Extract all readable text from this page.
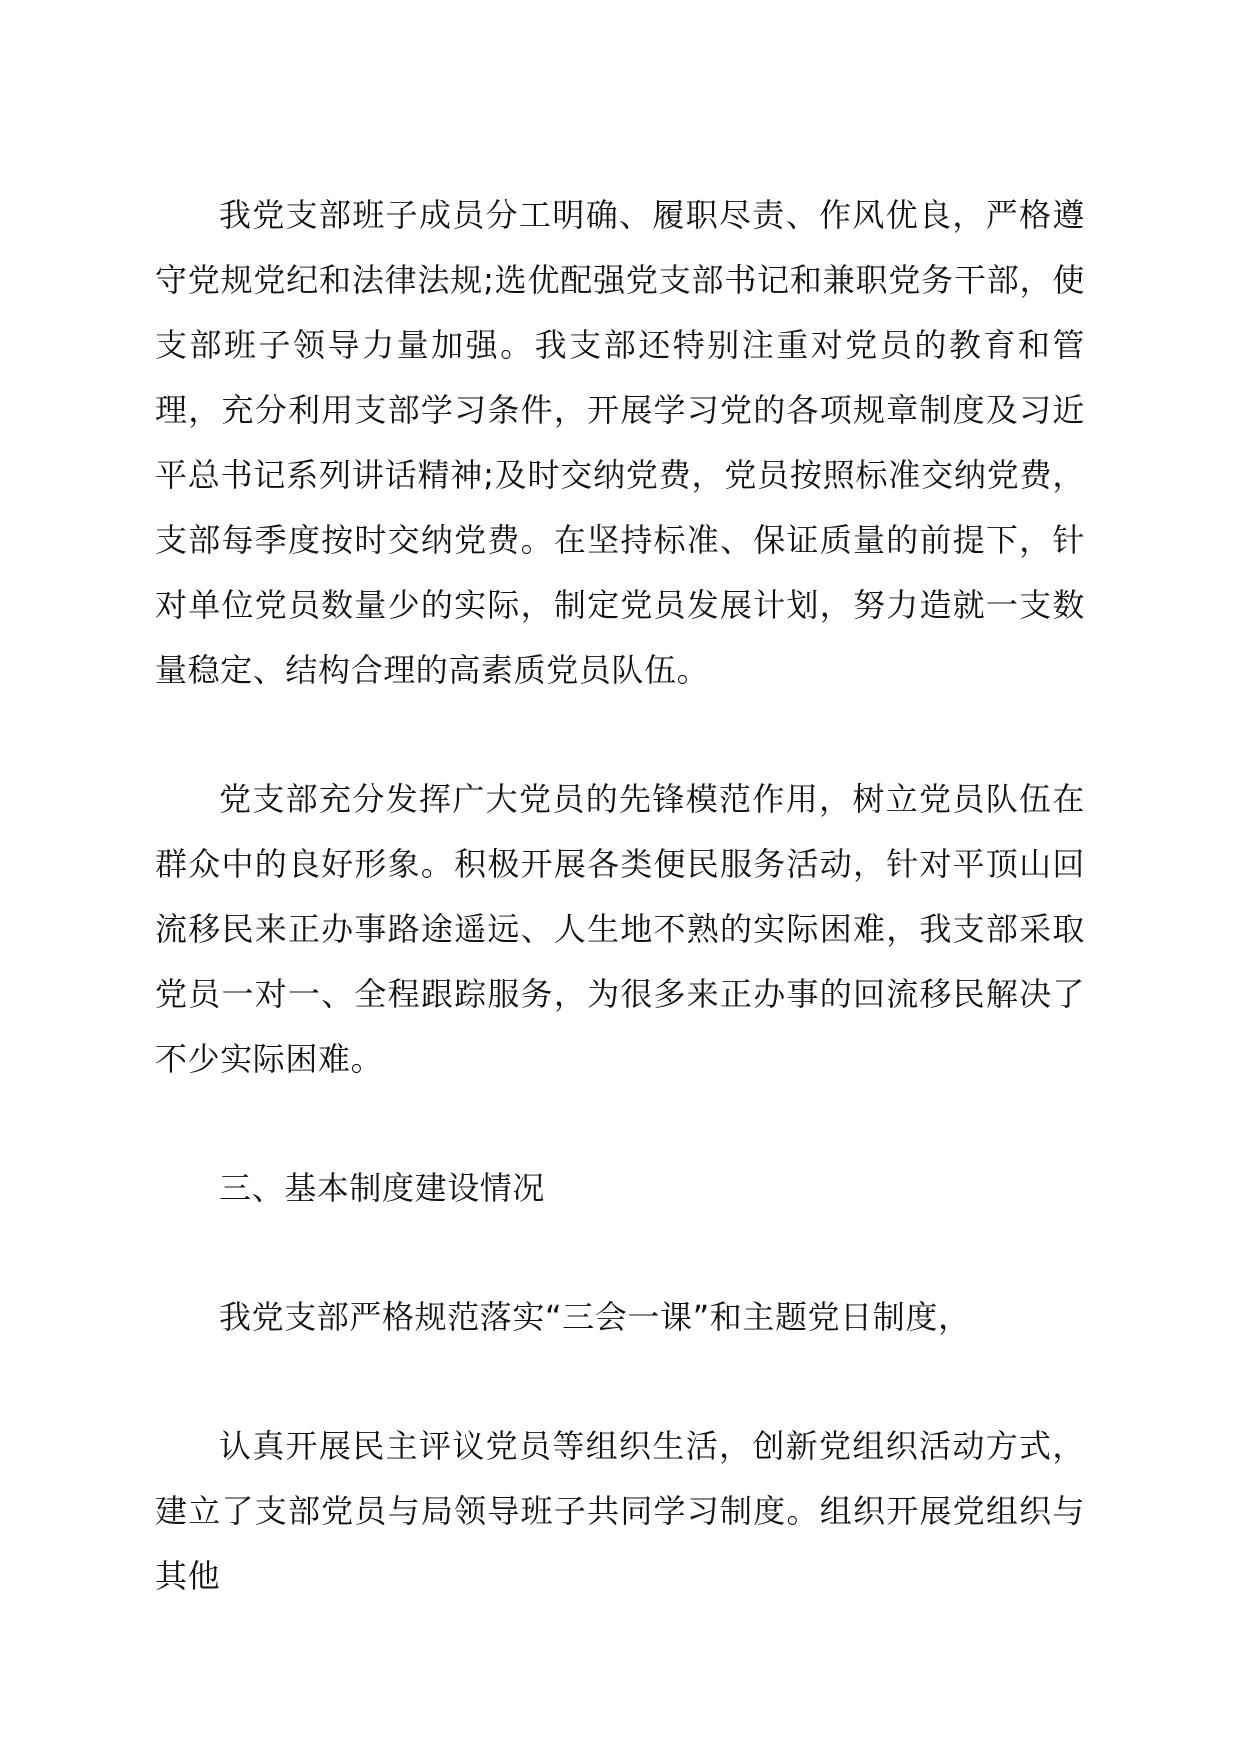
我党支部班子成员分工明确、履职尽责、作风优良，严格遵守党规党纪和法律法规;选优配强党支部书记和兼职党务干部，使支部班子领导力量加强。我支部还特别注重对党员的教育和管理，充分利用支部学习条件，开展学习党的各项规章制度及习近平总书记系列讲话精神;及时交纳党费，党员按照标准交纳党费，支部每季度按时交纳党费。在坚持标准、保证质量的前提下，针对单位党员数量少的实际，制定党员发展计划，努力造就一支数量稳定、结构合理的高素质党员队伍。

党支部充分发挥广大党员的先锋模范作用，树立党员队伍在群众中的良好形象。积极开展各类便民服务活动，针对平顶山回流移民来正办事路途遥远、人生地不熟的实际困难，我支部采取党员一对一、全程跟踪服务，为很多来正办事的回流移民解决了不少实际困难。

三、基本制度建设情况

我党支部严格规范落实“三会一课”和主题党日制度，

认真开展民主评议党员等组织生活，创新党组织活动方式，建立了支部党员与局领导班子共同学习制度。组织开展党组织与其他
